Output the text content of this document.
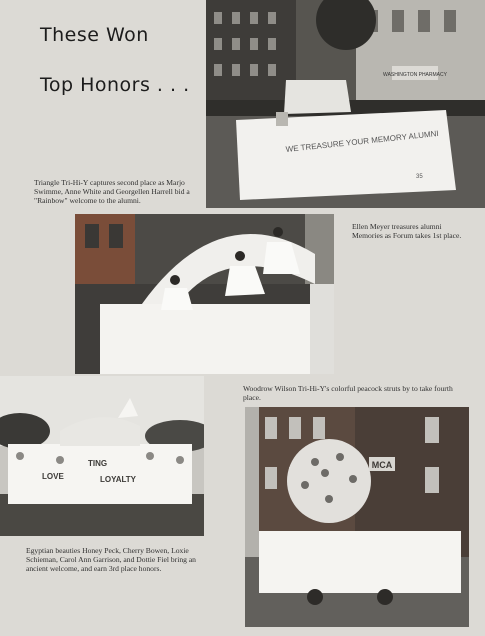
These Won
Top Honors . . .	WASHINGTON PHARMACY
WE TREASURE YOUR MEMORY ALUMNI
35

Triangle Tri-Hi-Y captures second place as Marjo Swimme, Anne White and Georgellen Harrell bid a "Rainbow" welcome to the alumni.

Ellen Meyer treasures alumni Memories as Forum takes 1st place.

LOVE
TING
LOYALTY

Woodrow Wilson Tri-Hi-Y's colorful peacock struts by to take fourth place.

MCA

Egyptian beauties Honey Peck, Cherry Bowen, Loxie Schieman, Carol Ann Garrison, and Dottie Fiel bring an ancient welcome, and earn 3rd place honors.
